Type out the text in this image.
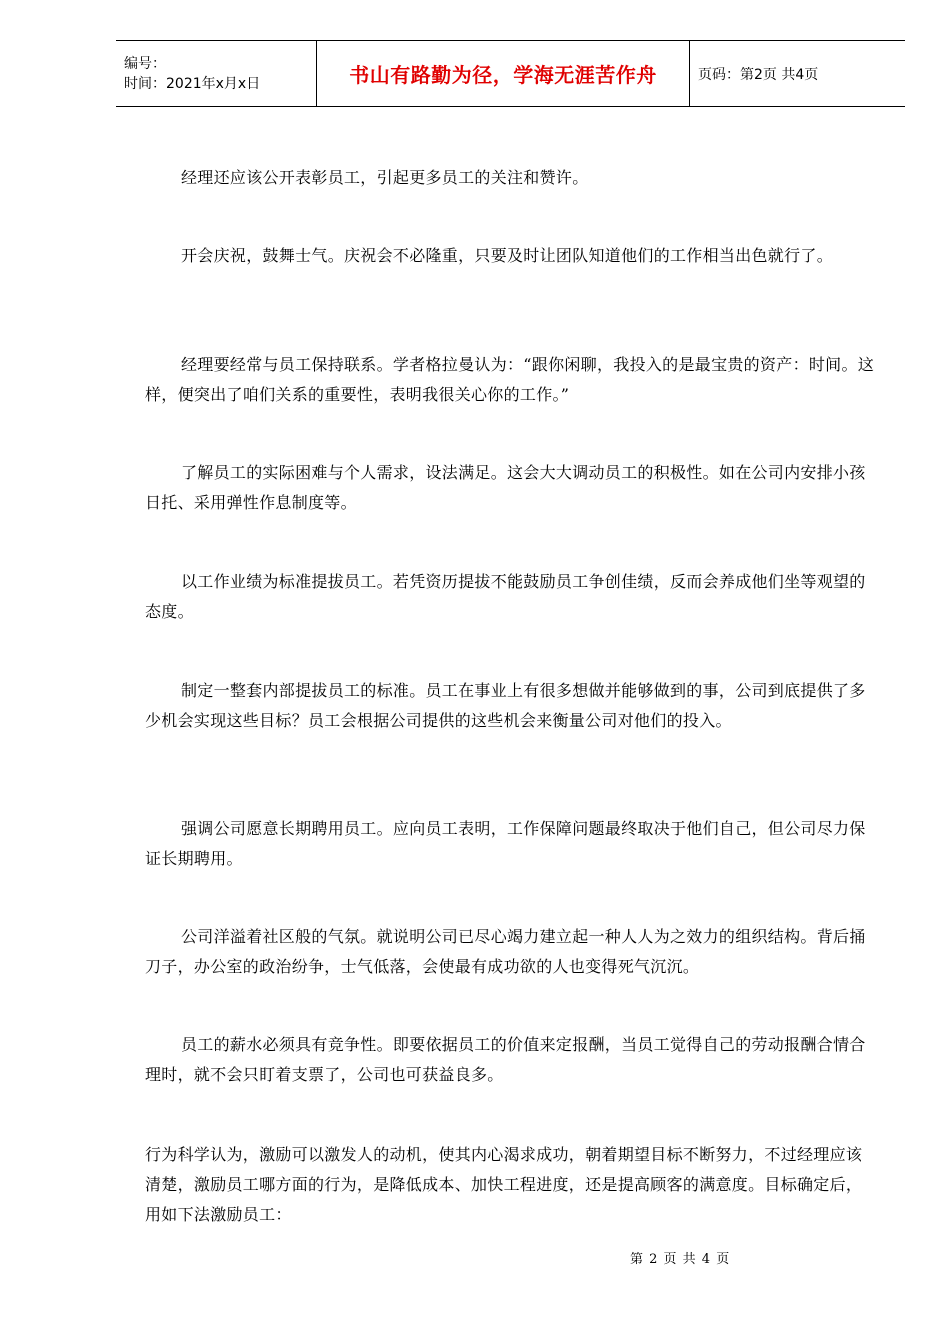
编号：
时间：2021年x月x日	书山有路勤为径，学海无涯苦作舟	页码：第2页 共4页

经理还应该公开表彰员工，引起更多员工的关注和赞许。

开会庆祝，鼓舞士气。庆祝会不必隆重，只要及时让团队知道他们的工作相当出色就行了。

经理要经常与员工保持联系。学者格拉曼认为：“跟你闲聊，我投入的是最宝贵的资产：时间。这样，便突出了咱们关系的重要性，表明我很关心你的工作。”

了解员工的实际困难与个人需求，设法满足。这会大大调动员工的积极性。如在公司内安排小孩日托、采用弹性作息制度等。

以工作业绩为标准提拔员工。若凭资历提拔不能鼓励员工争创佳绩，反而会养成他们坐等观望的态度。

制定一整套内部提拔员工的标准。员工在事业上有很多想做并能够做到的事，公司到底提供了多少机会实现这些目标？员工会根据公司提供的这些机会来衡量公司对他们的投入。

强调公司愿意长期聘用员工。应向员工表明，工作保障问题最终取决于他们自己，但公司尽力保证长期聘用。

公司洋溢着社区般的气氛。就说明公司已尽心竭力建立起一种人人为之效力的组织结构。背后捅刀子，办公室的政治纷争，士气低落，会使最有成功欲的人也变得死气沉沉。

员工的薪水必须具有竞争性。即要依据员工的价值来定报酬，当员工觉得自己的劳动报酬合情合理时，就不会只盯着支票了，公司也可获益良多。

行为科学认为，激励可以激发人的动机，使其内心渴求成功，朝着期望目标不断努力，不过经理应该清楚，激励员工哪方面的行为，是降低成本、加快工程进度，还是提高顾客的满意度。目标确定后，用如下法激励员工：

第 2 页 共 4 页
